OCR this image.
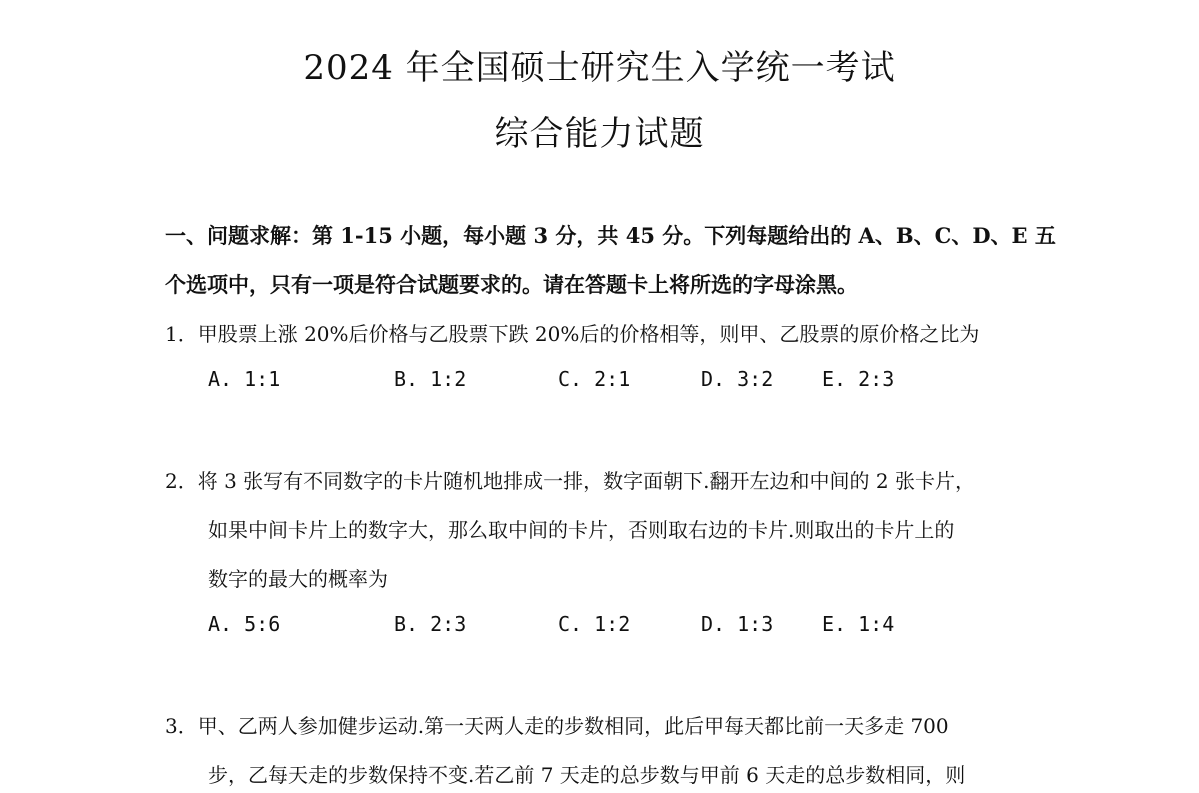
2024 年全国硕士研究生入学统一考试
综合能力试题
一、问题求解：第 1-15 小题，每小题 3 分，共 45 分。下列每题给出的 A、B、C、D、E 五
个选项中，只有一项是符合试题要求的。请在答题卡上将所选的字母涂黑。
1．甲股票上涨 20%后价格与乙股票下跌 20%后的价格相等，则甲、乙股票的原价格之比为
A. 1:1	B. 1:2	C. 2:1	D. 3:2 E. 2:3
2．将 3 张写有不同数字的卡片随机地排成一排，数字面朝下.翻开左边和中间的 2 张卡片，
如果中间卡片上的数字大，那么取中间的卡片，否则取右边的卡片.则取出的卡片上的
数字的最大的概率为
A. 5:6	B. 2:3	C. 1:2	D. 1:3 E. 1:4
3．甲、乙两人参加健步运动.第一天两人走的步数相同，此后甲每天都比前一天多走 700
步，乙每天走的步数保持不变.若乙前 7 天走的总步数与甲前 6 天走的总步数相同，则
